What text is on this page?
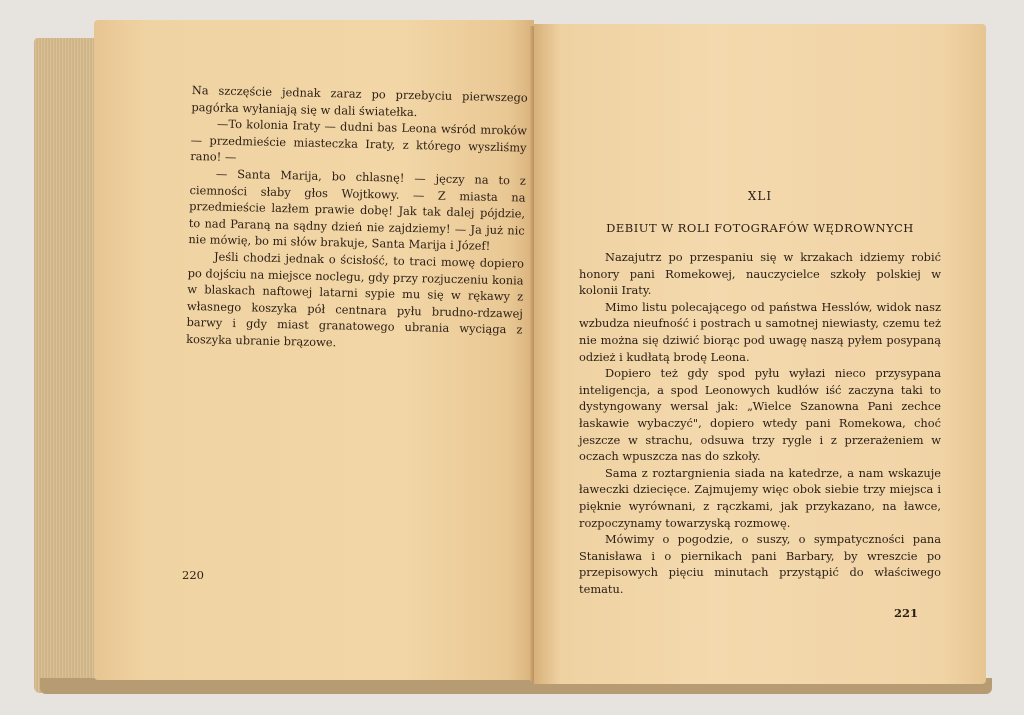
Na szczęście jednak zaraz po przebyciu pierwszego pagórka wyłaniają się w dali światełka.

—To kolonia Iraty — dudni bas Leona wśród mroków — przedmieście miasteczka Iraty, z którego wyszliśmy rano! —

— Santa Marija, bo chlasnę! — jęczy na to z ciemności słaby głos Wojtkowy. — Z miasta na przedmieście lazłem prawie dobę! Jak tak dalej pójdzie, to nad Paraną na sądny dzień nie zajdziemy! — Ja już nic nie mówię, bo mi słów brakuje, Santa Marija i Józef!

Jeśli chodzi jednak o ścisłość, to traci mowę dopiero po dojściu na miejsce noclegu, gdy przy rozjuczeniu konia w blaskach naftowej latarni sypie mu się w rękawy z własnego koszyka pół centnara pyłu brudno-rdzawej barwy i gdy miast granatowego ubrania wyciąga z koszyka ubranie brązowe.

220
XLI
DEBIUT W ROLI FOTOGRAFÓW WĘDROWNYCH

Nazajutrz po przespaniu się w krzakach idziemy robić honory pani Romekowej, nauczycielce szkoły polskiej w kolonii Iraty.

Mimo listu polecającego od państwa Hesslów, widok nasz wzbudza nieufność i postrach u samotnej niewiasty, czemu też nie można się dziwić biorąc pod uwagę naszą pyłem posypaną odzież i kudłatą brodę Leona.

Dopiero też gdy spod pyłu wyłazi nieco przysypana inteligencja, a spod Leonowych kudłów iść zaczyna taki to dystyngowany wersal jak: „Wielce Szanowna Pani zechce łaskawie wybaczyć", dopiero wtedy pani Romekowa, choć jeszcze w strachu, odsuwa trzy rygle i z przerażeniem w oczach wpuszcza nas do szkoły.

Sama z roztargnienia siada na katedrze, a nam wskazuje ławeczki dziecięce. Zajmujemy więc obok siebie trzy miejsca i pięknie wyrównani, z rączkami, jak przykazano, na ławce, rozpoczynamy towarzyską rozmowę.

Mówimy o pogodzie, o suszy, o sympatyczności pana Stanisława i o piernikach pani Barbary, by wreszcie po przepisowych pięciu minutach przystąpić do właściwego tematu.

221
